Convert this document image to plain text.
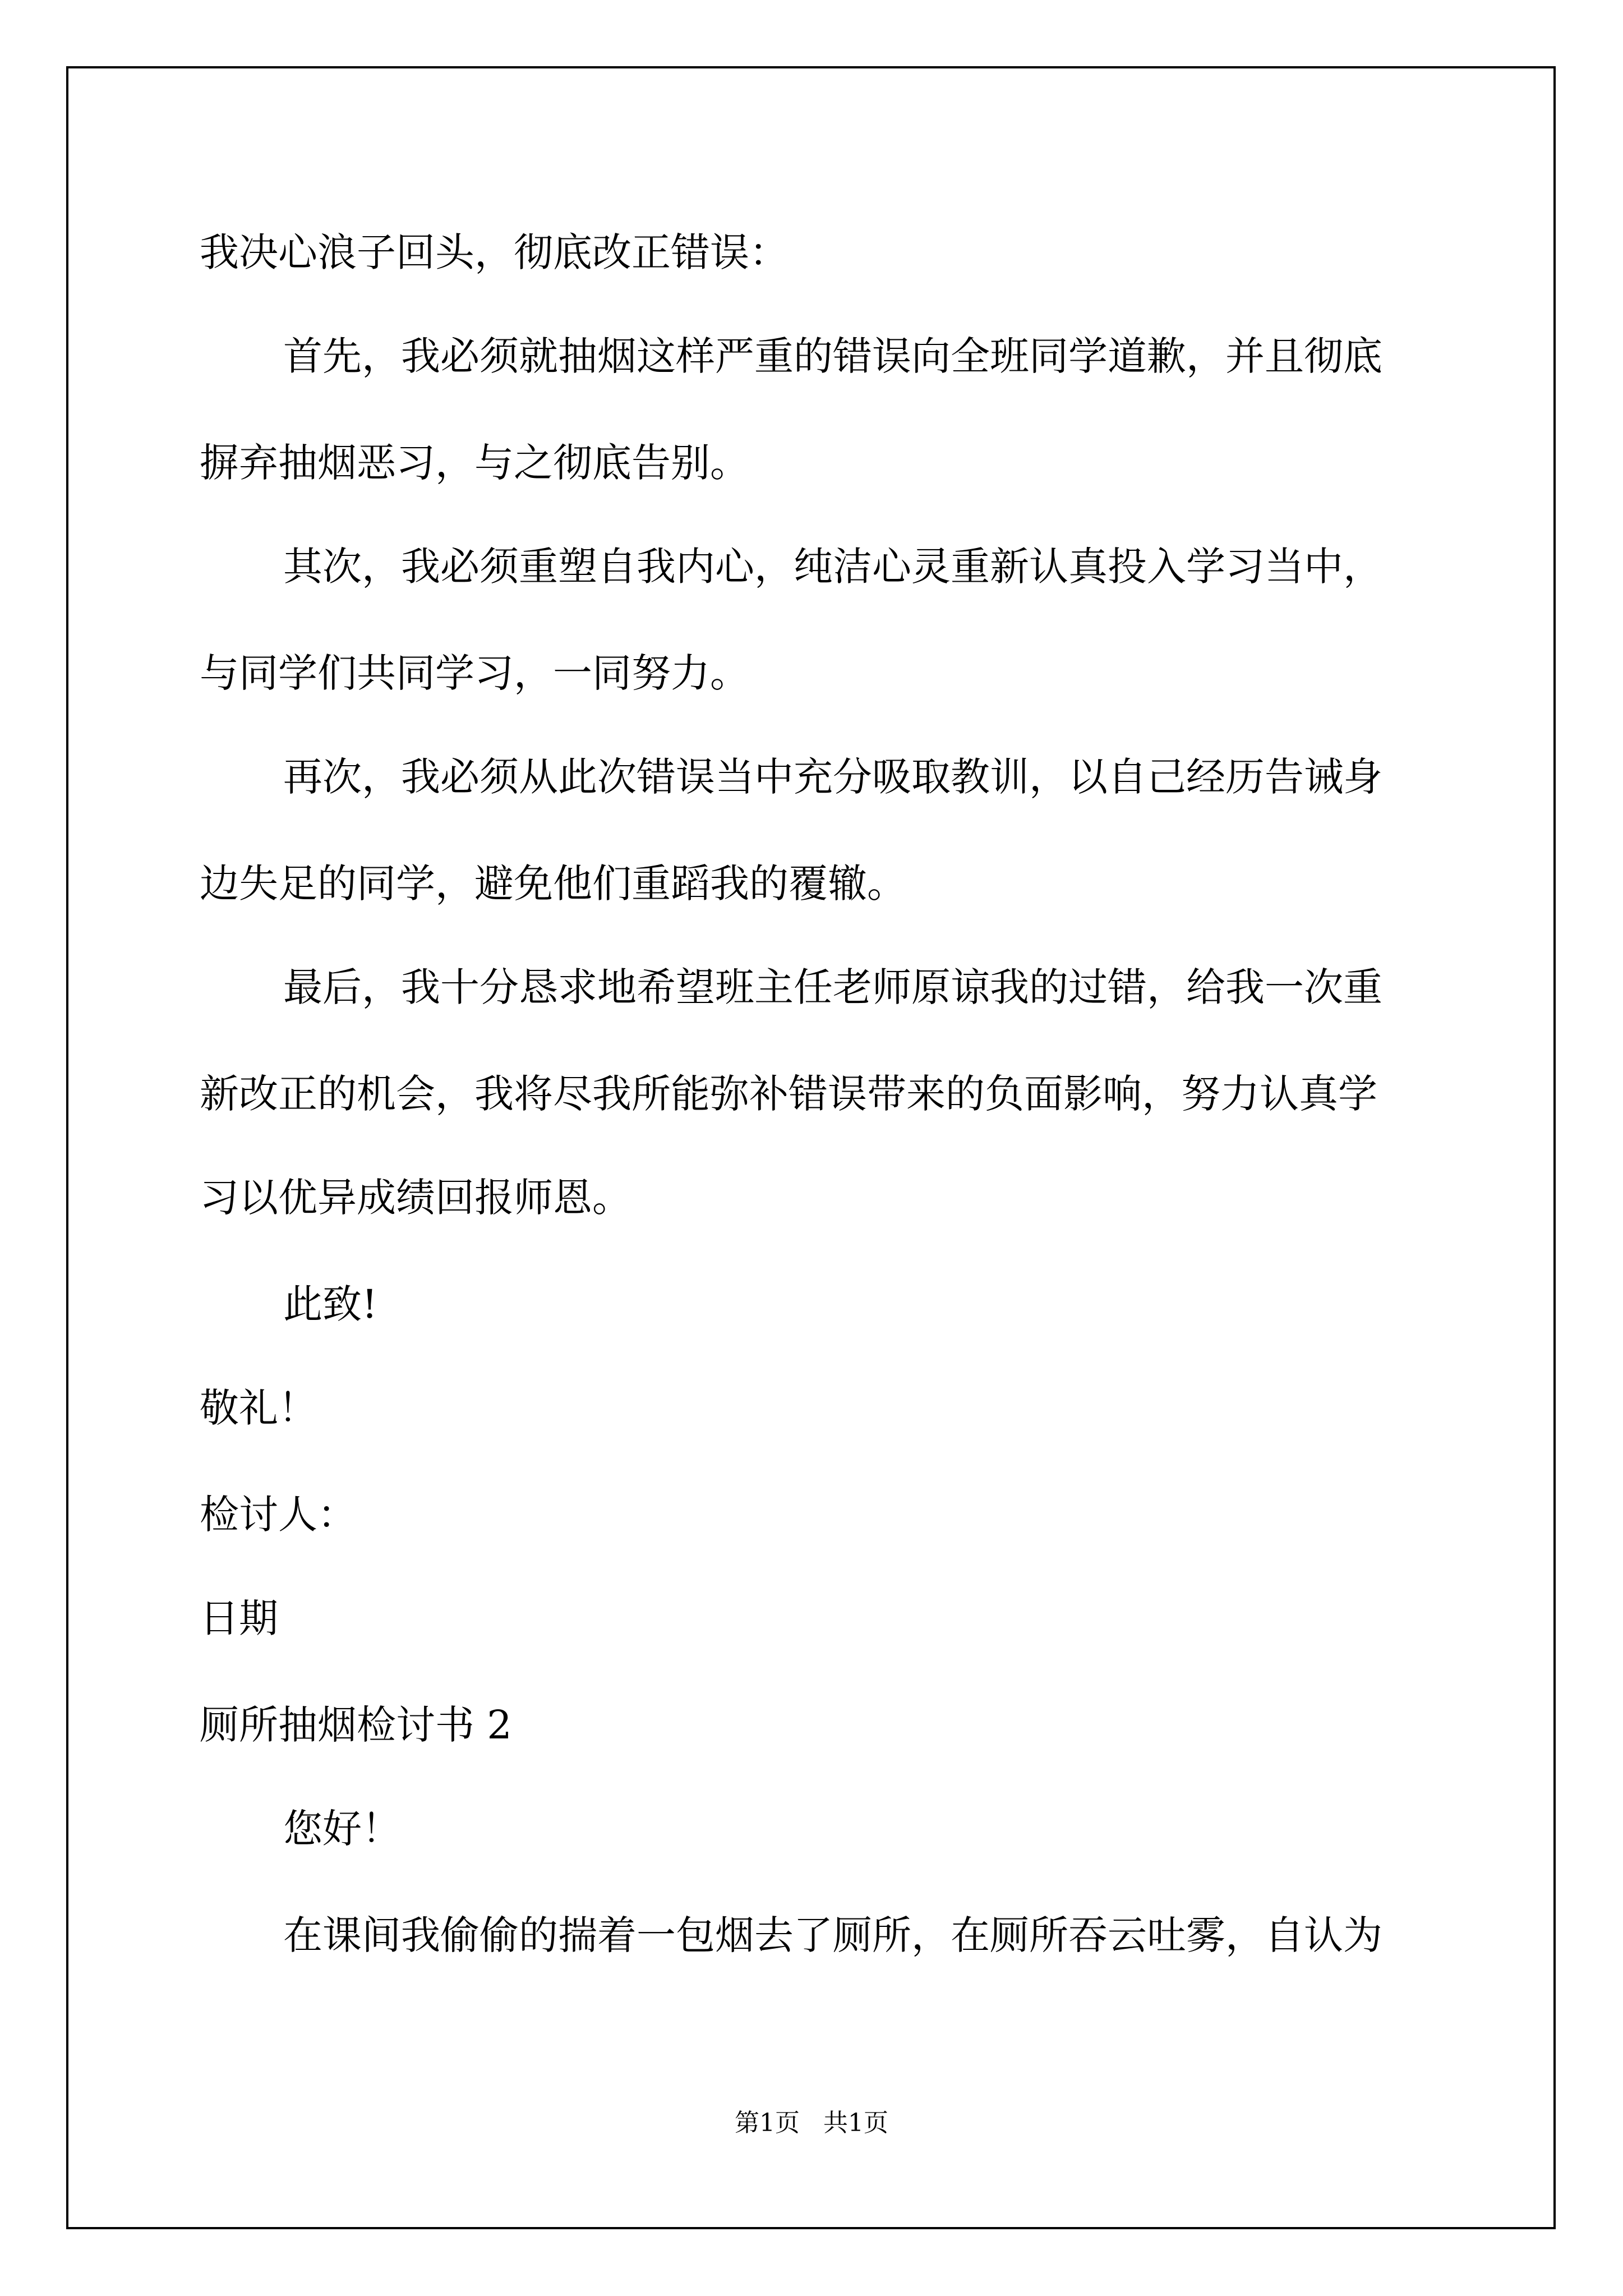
我决心浪子回头，彻底改正错误：

首先，我必须就抽烟这样严重的错误向全班同学道歉，并且彻底

摒弃抽烟恶习，与之彻底告别。

其次，我必须重塑自我内心，纯洁心灵重新认真投入学习当中，

与同学们共同学习，一同努力。

再次，我必须从此次错误当中充分吸取教训，以自己经历告诫身

边失足的同学，避免他们重蹈我的覆辙。

最后，我十分恳求地希望班主任老师原谅我的过错，给我一次重

新改正的机会，我将尽我所能弥补错误带来的负面影响，努力认真学

习以优异成绩回报师恩。

此致!

敬礼！

检讨人：

日期

厕所抽烟检讨书 2

您好！

在课间我偷偷的揣着一包烟去了厕所，在厕所吞云吐雾，自认为

第1页   共1页
